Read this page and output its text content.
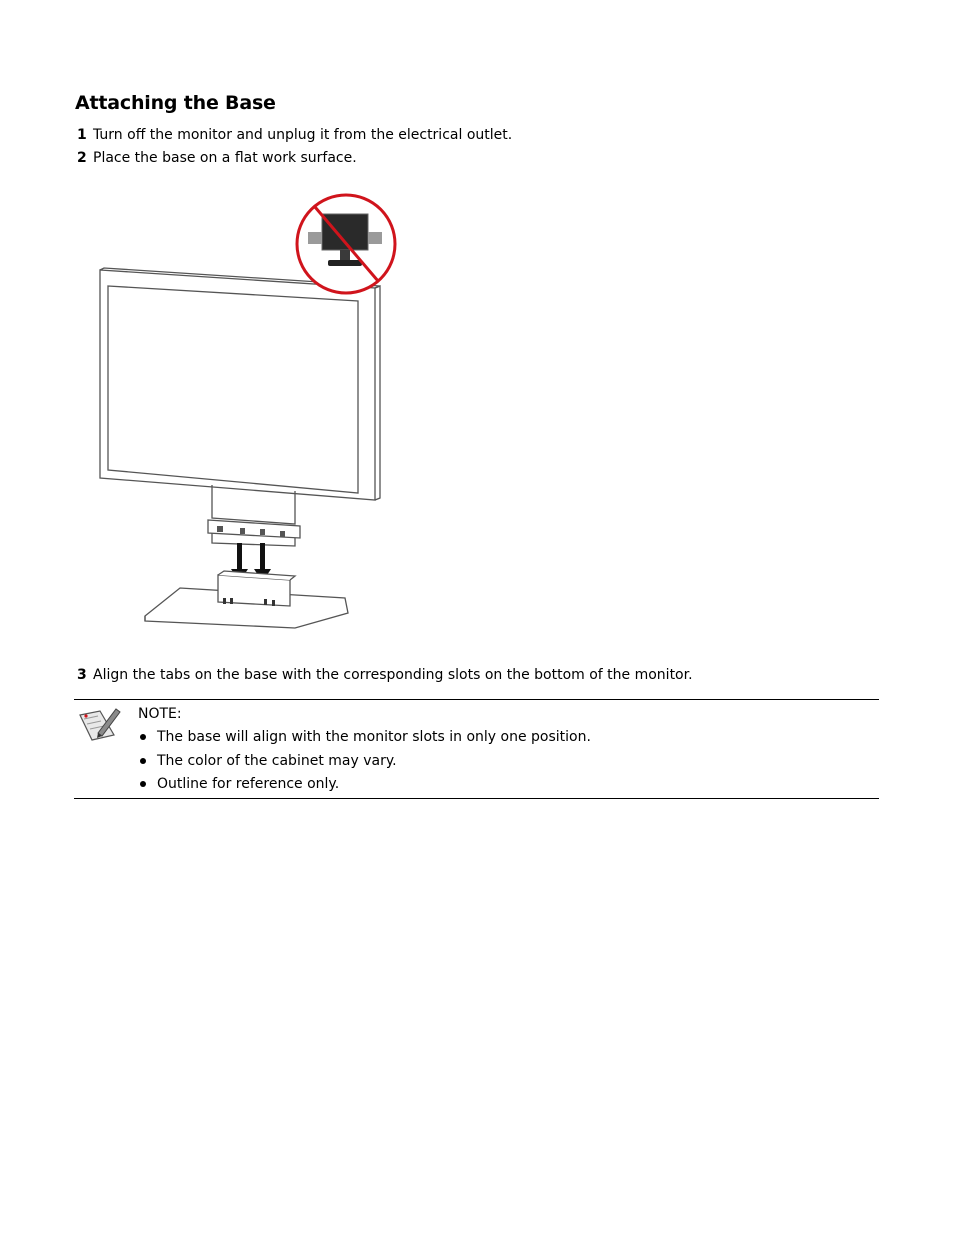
Attaching the Base
1 Turn off the monitor and unplug it from the electrical outlet.
2 Place the base on a flat work surface.
3 Align the tabs on the base with the corresponding slots on the bottom of the monitor.
NOTE:
The base will align with the monitor slots in only one position.
The color of the cabinet may vary.
Outline for reference only.
